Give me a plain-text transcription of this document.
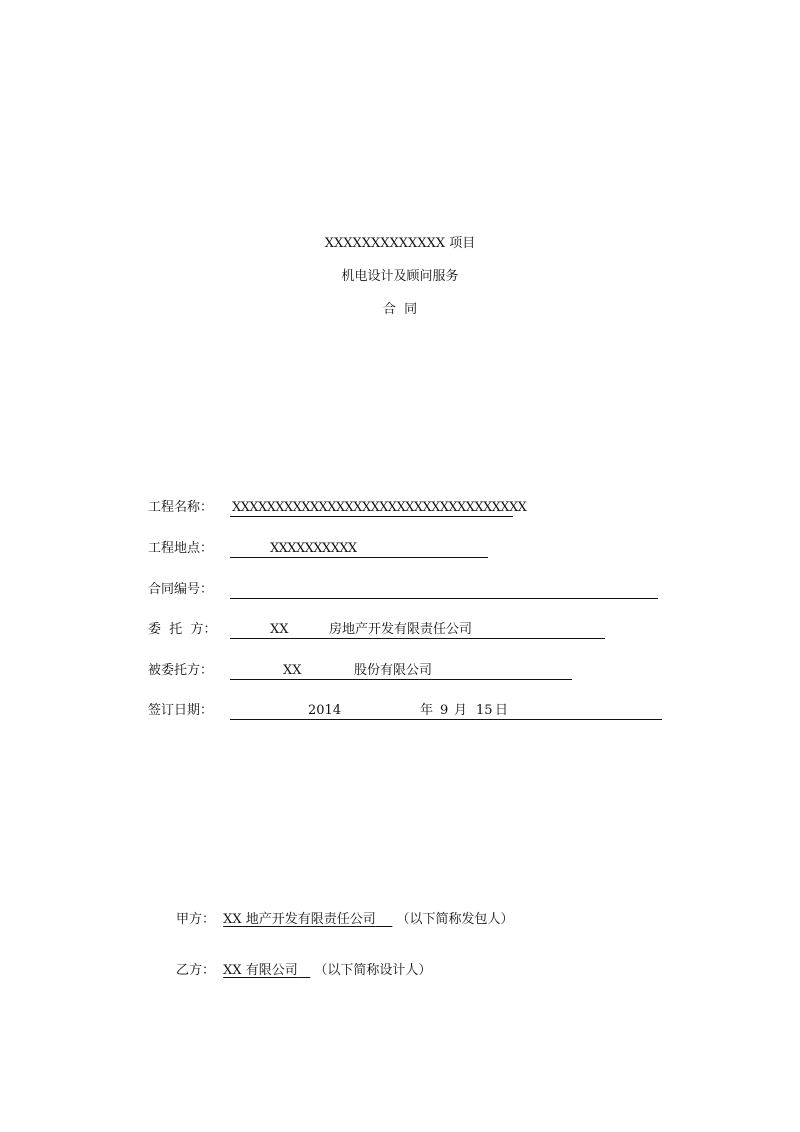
XXXXXXXXXXXXX 项目
机电设计及顾问服务
合  同
工程名称： XXXXXXXXXXXXXXXXXXXXXXXXXXXXXXXXXX
工程地点：	XXXXXXXXXX
合同编号：
委  托  方：	XX	房地产开发有限责任公司
被委托方：	XX	股份有限公司
签订日期：	2014	年 9 月 15 日
甲方： XX 地产开发有限责任公司 （以下简称发包人）
乙方： XX 有限公司 （以下简称设计人）
